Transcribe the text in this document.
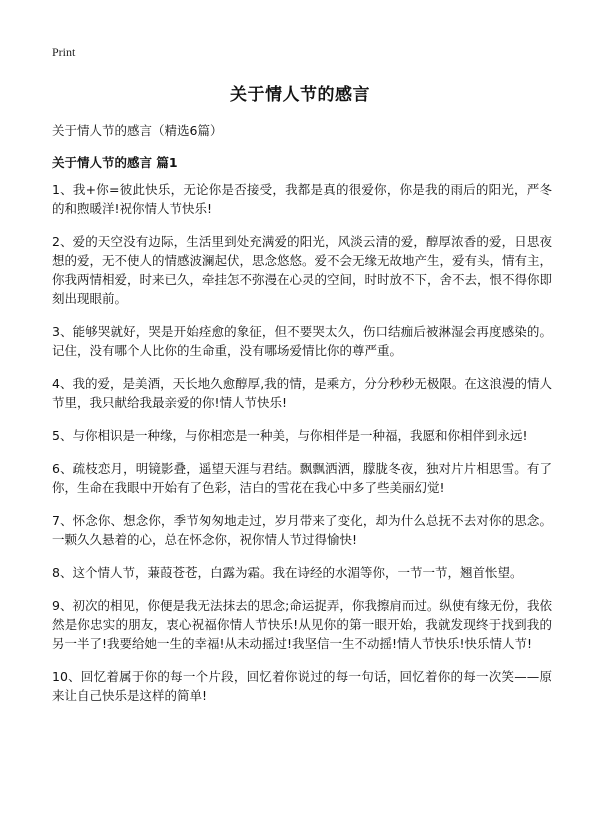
Print
关于情人节的感言
关于情人节的感言（精选6篇）
关于情人节的感言 篇1

1、我+你=彼此快乐，无论你是否接受，我都是真的很爱你，你是我的雨后的阳光，严冬的和煦暖洋!祝你情人节快乐!

2、爱的天空没有边际，生活里到处充满爱的阳光，风淡云清的爱，醇厚浓香的爱，日思夜想的爱，无不使人的情感波澜起伏，思念悠悠。爱不会无缘无故地产生，爱有头，情有主，你我两情相爱，时来已久，牵挂怎不弥漫在心灵的空间，时时放不下，舍不去，恨不得你即刻出现眼前。

3、能够哭就好，哭是开始痊愈的象征，但不要哭太久，伤口结痂后被淋湿会再度感染的。记住，没有哪个人比你的生命重，没有哪场爱情比你的尊严重。

4、我的爱，是美酒，天长地久愈醇厚,我的情，是乘方，分分秒秒无极限。在这浪漫的情人节里，我只献给我最亲爱的你!情人节快乐!

5、与你相识是一种缘，与你相恋是一种美，与你相伴是一种福，我愿和你相伴到永远!

6、疏枝恋月，明镜影叠，遥望天涯与君结。飘飘洒洒，朦胧冬夜，独对片片相思雪。有了你，生命在我眼中开始有了色彩，洁白的雪花在我心中多了些美丽幻觉!

7、怀念你、想念你，季节匆匆地走过，岁月带来了变化，却为什么总抚不去对你的思念。一颗久久悬着的心，总在怀念你，祝你情人节过得愉快!

8、这个情人节，蒹葭苍苍，白露为霜。我在诗经的水湄等你，一节一节，翘首怅望。

9、初次的相见，你便是我无法抹去的思念;命运捉弄，你我擦肩而过。纵使有缘无份，我依然是你忠实的朋友，衷心祝福你情人节快乐!从见你的第一眼开始，我就发现终于找到我的另一半了!我要给她一生的幸福!从未动摇过!我坚信一生不动摇!情人节快乐!快乐情人节!

10、回忆着属于你的每一个片段，回忆着你说过的每一句话，回忆着你的每一次笑——原来让自己快乐是这样的简单!
